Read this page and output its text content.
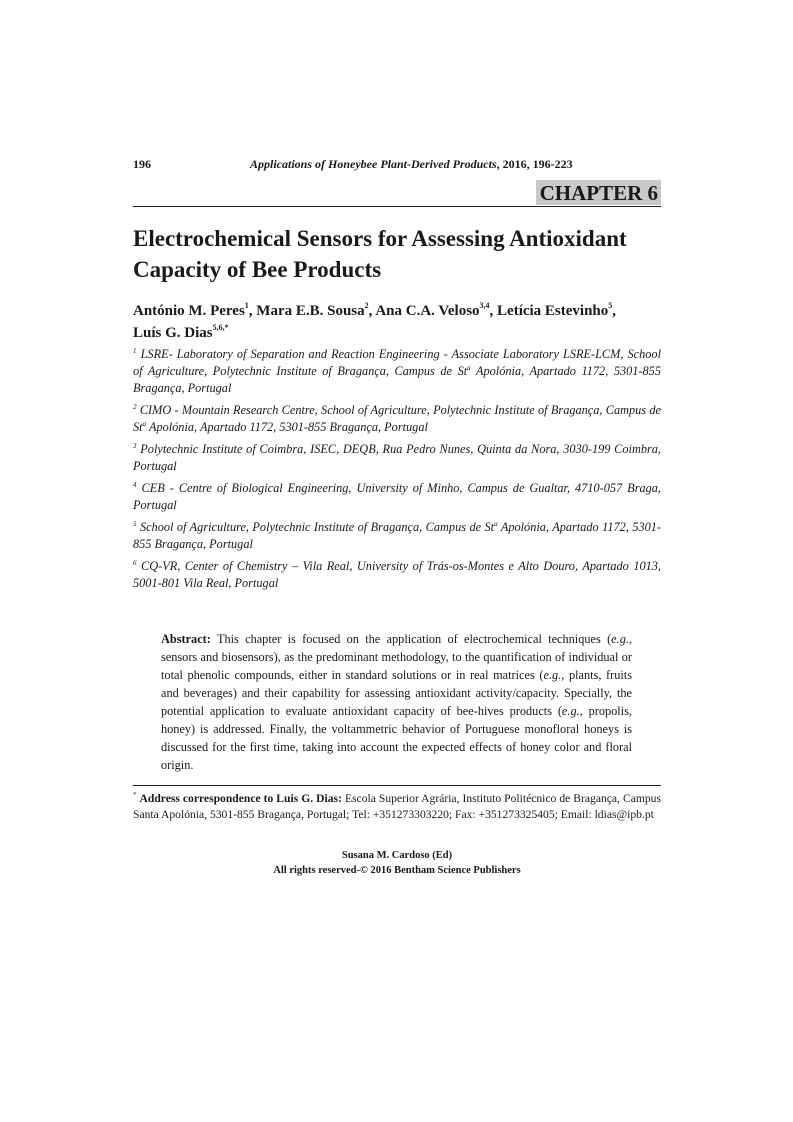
196	Applications of Honeybee Plant-Derived Products, 2016, 196-223
CHAPTER 6
Electrochemical Sensors for Assessing Antioxidant Capacity of Bee Products

António M. Peres$^1$, Mara E.B. Sousa$^2$, Ana C.A. Veloso$^{3,4}$, Letícia Estevinho$^5$,
Luís G. Dias$^{5,6,*}$

$^1$ LSRE- Laboratory of Separation and Reaction Engineering - Associate Laboratory LSRE-LCM, School of Agriculture, Polytechnic Institute of Bragança, Campus de St$^a$ Apolónia, Apartado 1172, 5301-855 Bragança, Portugal
$^2$ CIMO - Mountain Research Centre, School of Agriculture, Polytechnic Institute of Bragança, Campus de St$^a$ Apolónia, Apartado 1172, 5301-855 Bragança, Portugal
$^3$ Polytechnic Institute of Coimbra, ISEC, DEQB, Rua Pedro Nunes, Quinta da Nora, 3030-199 Coimbra, Portugal
$^4$ CEB - Centre of Biological Engineering, University of Minho, Campus de Gualtar, 4710-057 Braga, Portugal
$^5$ School of Agriculture, Polytechnic Institute of Bragança, Campus de St$^a$ Apolónia, Apartado 1172, 5301-855 Bragança, Portugal
$^6$ CQ-VR, Center of Chemistry – Vila Real, University of Trás-os-Montes e Alto Douro, Apartado 1013, 5001-801 Vila Real, Portugal

Abstract: This chapter is focused on the application of electrochemical techniques (e.g., sensors and biosensors), as the predominant methodology, to the quantification of individual or total phenolic compounds, either in standard solutions or in real matrices (e.g., plants, fruits and beverages) and their capability for assessing antioxidant activity/capacity. Specially, the potential application to evaluate antioxidant capacity of bee-hives products (e.g., propolis, honey) is addressed. Finally, the voltammetric behavior of Portuguese monofloral honeys is discussed for the first time, taking into account the expected effects of honey color and floral origin.

* Address correspondence to Luis G. Dias: Escola Superior Agrária, Instituto Politécnico de Bragança, Campus Santa Apolónia, 5301-855 Bragança, Portugal; Tel: +351273303220; Fax: +351273325405; Email: ldias@ipb.pt

Susana M. Cardoso (Ed)
All rights reserved-© 2016 Bentham Science Publishers
